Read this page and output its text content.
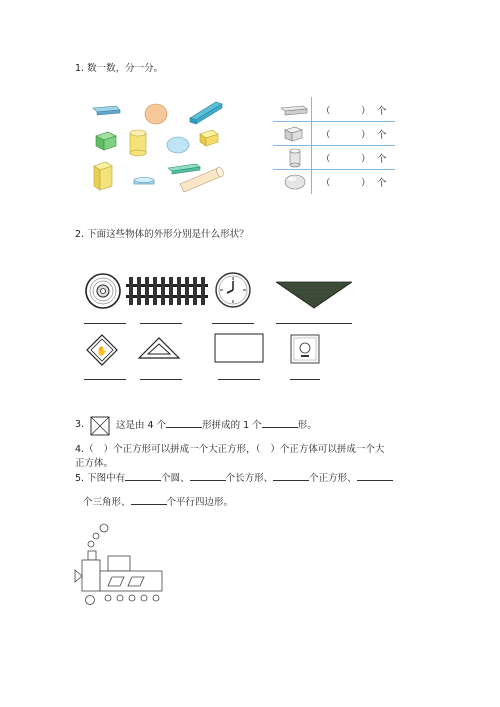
1. 数一数，分一分。
（	） 个
（	） 个
（	） 个
（	） 个
2. 下面这些物体的外形分别是什么形状？
✋
3.	这是由 4 个	形拼成的 1 个	形。
4.（ ）个正方形可以拼成一个大正方形，（ ）个正方体可以拼成一个大
正方体。
5. 下图中有	个圆、	个长方形、	个正方形、
个三角形、	个平行四边形。
